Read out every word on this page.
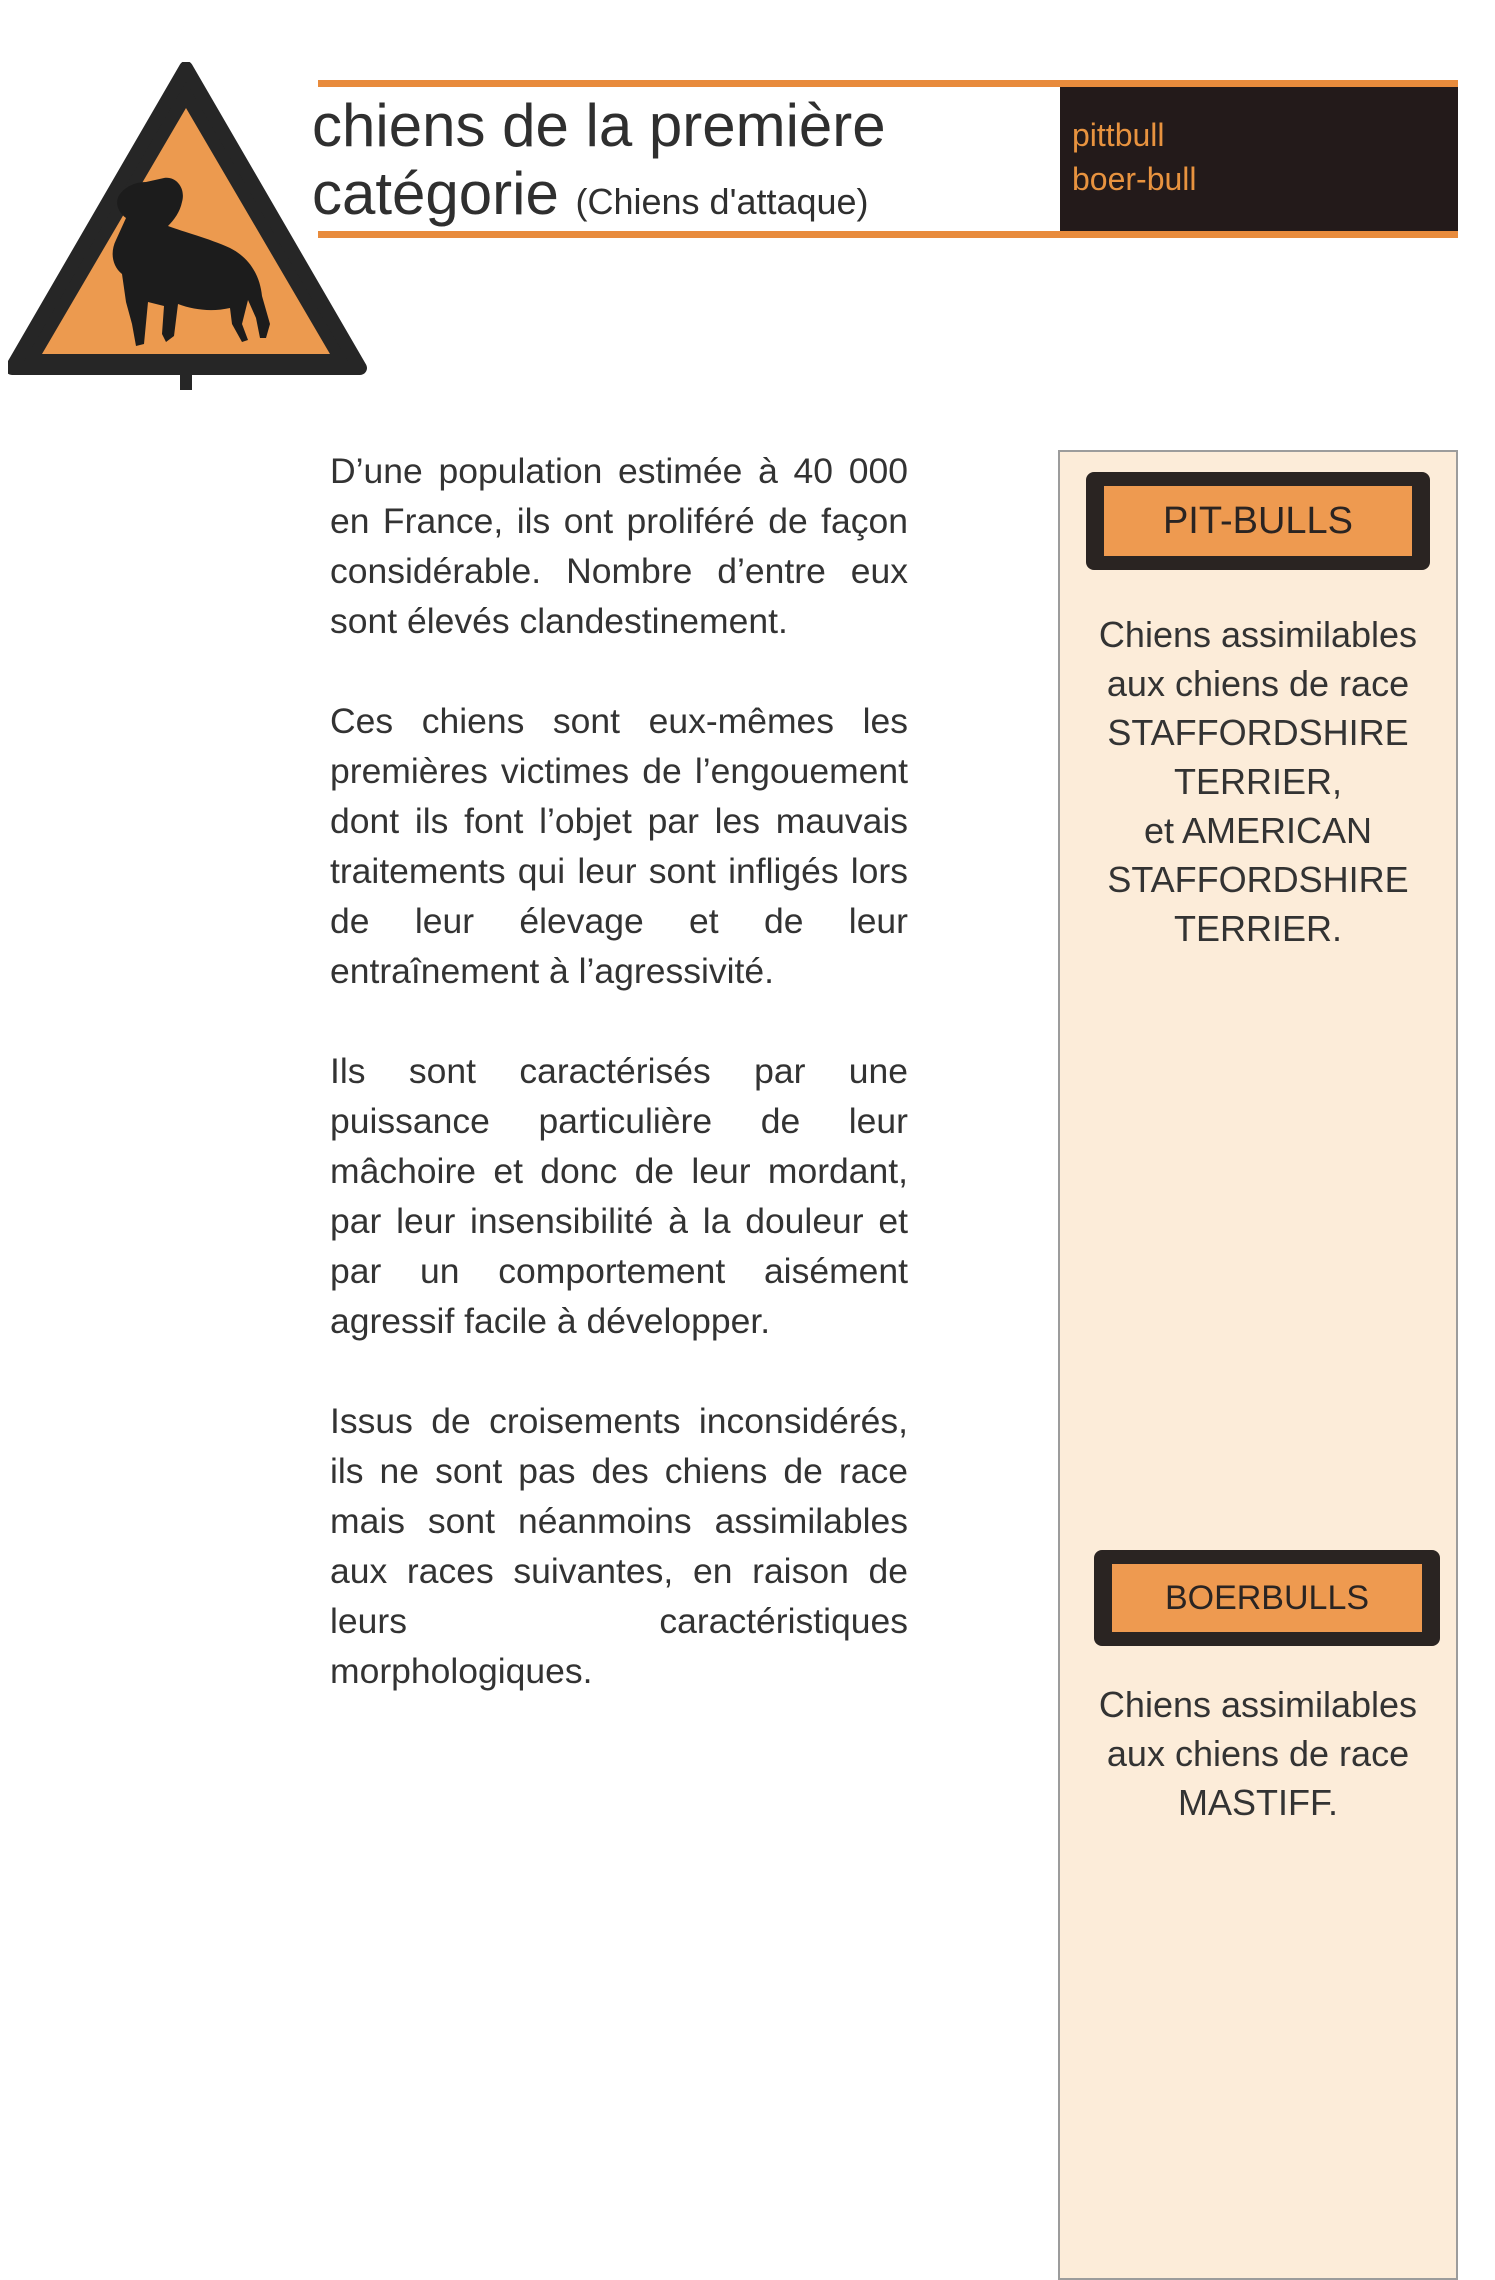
pittbull
boer-bull
chiens de la première
catégorie (Chiens d'attaque)

D’une population estimée à 40 000 en France, ils ont proliféré de façon considérable. Nombre d’entre eux sont élevés clandestinement.

Ces chiens sont eux-mêmes les premières victimes de l’engouement dont ils font l’objet par les mauvais traitements qui leur sont infligés lors de leur élevage et de leur entraînement à l’agressivité.

Ils sont caractérisés par une puissance particulière de leur mâchoire et donc de leur mordant, par leur insensibilité à la douleur et par un comportement aisément agressif facile à développer.

Issus de croisements inconsidérés, ils ne sont pas des chiens de race mais sont néanmoins assimilables aux races suivantes, en raison de leurs caractéristiques morphologiques.

PIT-BULLS
Chiens assimilables
aux chiens de race
STAFFORDSHIRE
TERRIER,
et AMERICAN
STAFFORDSHIRE
TERRIER.
BOERBULLS
Chiens assimilables
aux chiens de race
MASTIFF.
